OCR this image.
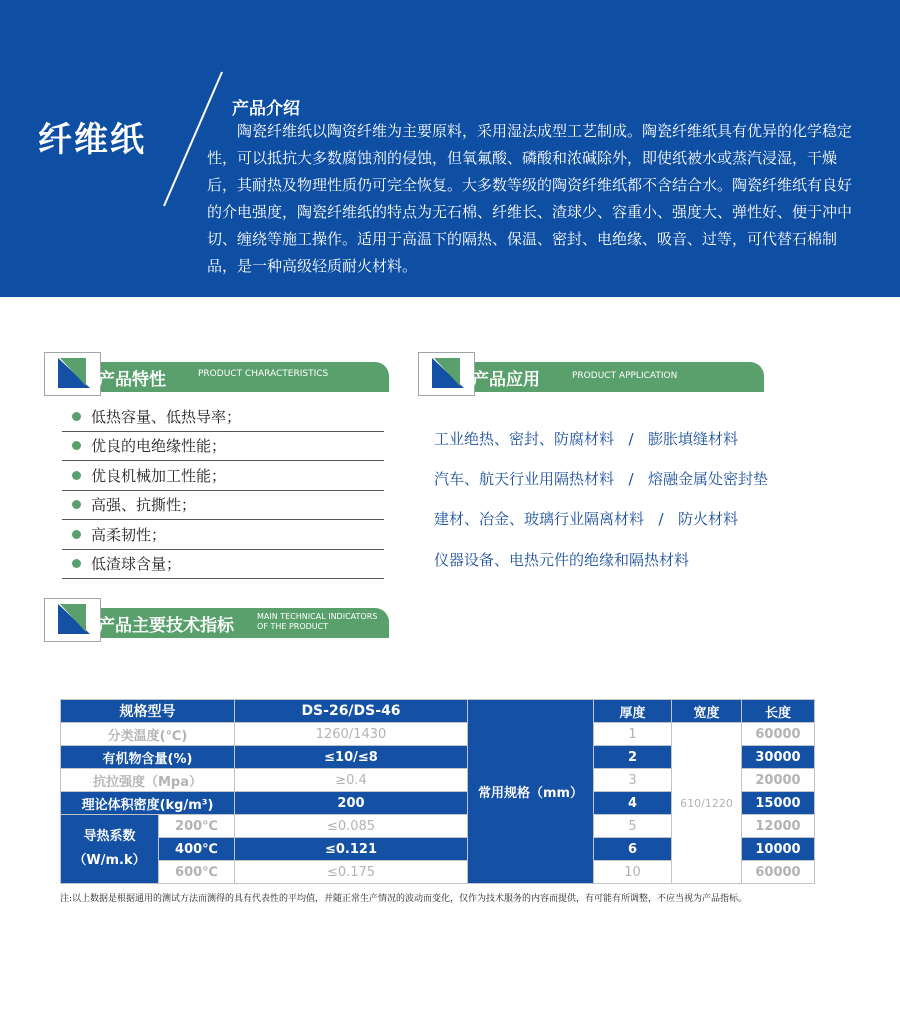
纤维纸
产品介绍
陶瓷纤维纸以陶资纤维为主要原料，采用湿法成型工艺制成。陶瓷纤维纸具有优异的化学稳定性，可以抵抗大多数腐蚀剂的侵蚀，但氧氟酸、磷酸和浓碱除外，即使纸被水或蒸汽浸湿，干燥后，其耐热及物理性质仍可完全恢复。大多数等级的陶资纤维纸都不含结合水。陶瓷纤维纸有良好的介电强度，陶瓷纤维纸的特点为无石棉、纤维长、渣球少、容重小、强度大、弹性好、便于冲中切、缠绕等施工操作。适用于高温下的隔热、保温、密封、电绝缘、吸音、过等，可代替石棉制品，是一种高级轻质耐火材料。
产品特性	PRODUCT CHARACTERISTICS
低热容量、低热导率；
优良的电绝缘性能；
优良机械加工性能；
高强、抗撕性；
高柔韧性；
低渣球含量；
产品应用	PRODUCT APPLICATION
工业绝热、密封、防腐材料 / 膨胀填缝材料
汽车、航天行业用隔热材料 / 熔融金属处密封垫
建材、冶金、玻璃行业隔离材料 / 防火材料
仪器设备、电热元件的绝缘和隔热材料
产品主要技术指标	MAIN TECHNICAL INDICATORS
OF THE PRODUCT
规格型号		DS-26/DS-46	常用规格（mm）	厚度	宽度	长度
分类温度(℃)		1260/1430		1	610/1220	60000
有机物含量(%)		≤10/≤8		2		30000
抗拉强度（Mpa）		≥0.4		3		20000
理论体积密度(kg/m³)		200		4		15000
导热系数
（W/m.k）	200℃	≤0.085		5		12000
	400℃	≤0.121		6		10000
	600℃	≤0.175		10		60000
注:以上数据是根据通用的测试方法而测得的具有代表性的平均值，并随正常生产情况的波动而变化，仅作为技术服务的内容而提供，有可能有所调整，不应当视为产品指标。
